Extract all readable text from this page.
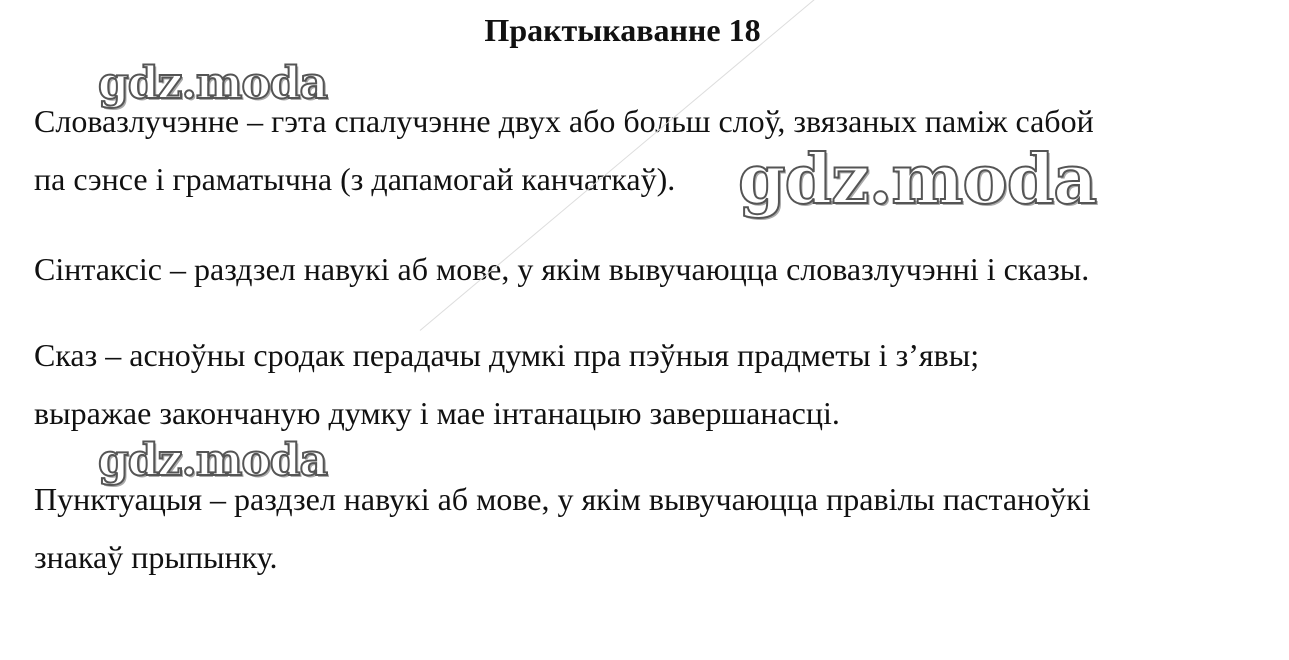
Практыкаванне 18
Словазлучэнне – гэта спалучэнне двух або больш слоў, звязаных паміж сабой
па сэнсе і граматычна (з дапамогай канчаткаў).
Сінтаксіс – раздзел навукі аб мове, у якім вывучаюцца словазлучэнні і сказы.
Сказ – асноўны сродак перадачы думкі пра пэўныя прадметы і з’явы;
выражае закончаную думку і мае інтанацыю завершанасці.
Пунктуацыя – раздзел навукі аб мове, у якім вывучаюцца правілы пастаноўкі
знакаў прыпынку.
gdz.moda
gdz.moda
gdz.moda
